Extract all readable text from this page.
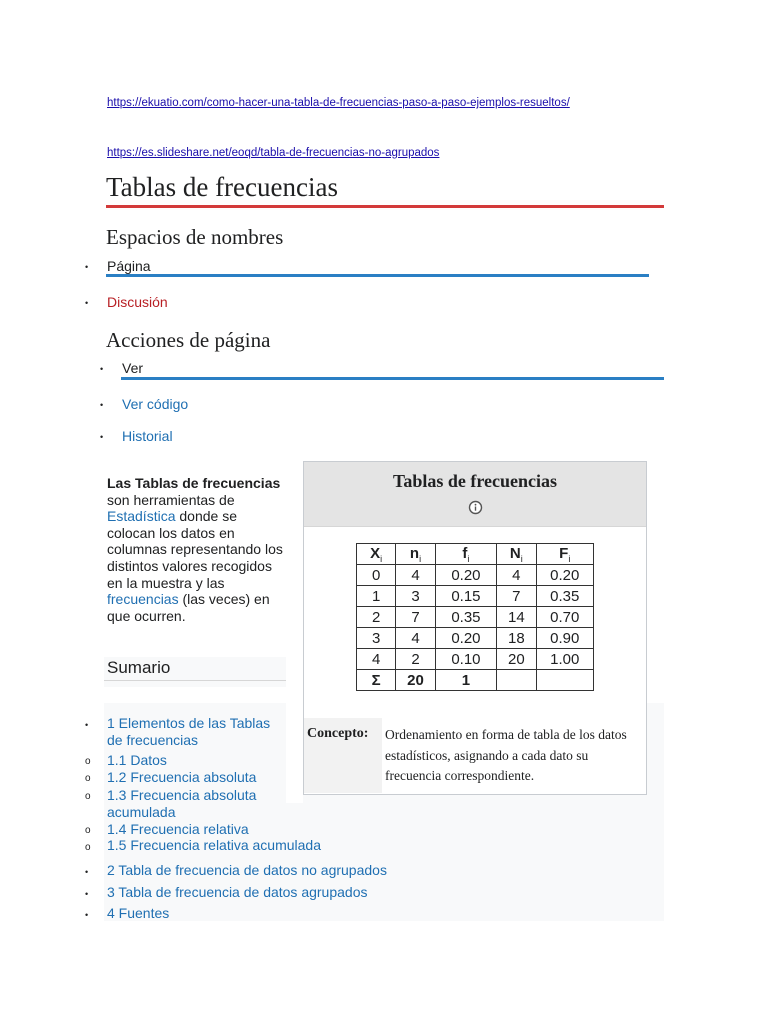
https://ekuatio.com/como-hacer-una-tabla-de-frecuencias-paso-a-paso-ejemplos-resueltos/
https://es.slideshare.net/eoqd/tabla-de-frecuencias-no-agrupados
Tablas de frecuencias
Espacios de nombres
• Página
• Discusión
Acciones de página
• Ver
• Ver código
• Historial
Las Tablas de frecuencias son herramientas de Estadística donde se colocan los datos en columnas representando los distintos valores recogidos en la muestra y las frecuencias (las veces) en que ocurren.
Sumario
• 1 Elementos de las Tablas de frecuencias
o 1.1 Datos
o 1.2 Frecuencia absoluta
o 1.3 Frecuencia absoluta acumulada
o 1.4 Frecuencia relativa
o 1.5 Frecuencia relativa acumulada
• 2 Tabla de frecuencia de datos no agrupados
• 3 Tabla de frecuencia de datos agrupados
• 4 Fuentes
Tablas de frecuencias
$X_i$	$n_i$	$f_i$	$N_i$	$F_i$
0	4	0.20	4	0.20
1	3	0.15	7	0.35
2	7	0.35	14	0.70
3	4	0.20	18	0.90
4	2	0.10	20	1.00
Σ	20	1		
Concepto:	Ordenamiento en forma de tabla de los datos estadísticos, asignando a cada dato su frecuencia correspondiente.
